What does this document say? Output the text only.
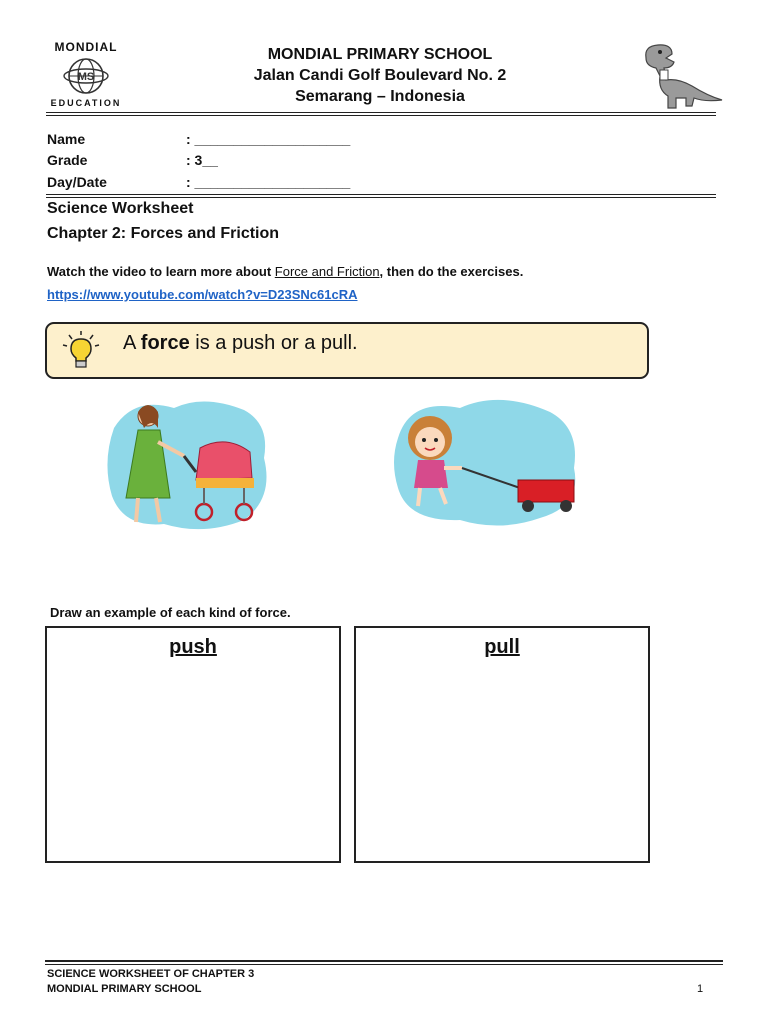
MONDIAL
MS
EDUCATION
MONDIAL PRIMARY SCHOOL
Jalan Candi Golf Boulevard No. 2
Semarang – Indonesia
Name	: ____________________
Grade	: 3__
Day/Date	: ____________________
Science Worksheet
Chapter 2: Forces and Friction
Watch the video to learn more about Force and Friction, then do the exercises.
https://www.youtube.com/watch?v=D23SNc61cRA
A force is a push or a pull.
Draw an example of each kind of force.
push	pull
SCIENCE WORKSHEET OF CHAPTER 3
MONDIAL PRIMARY SCHOOL	1
